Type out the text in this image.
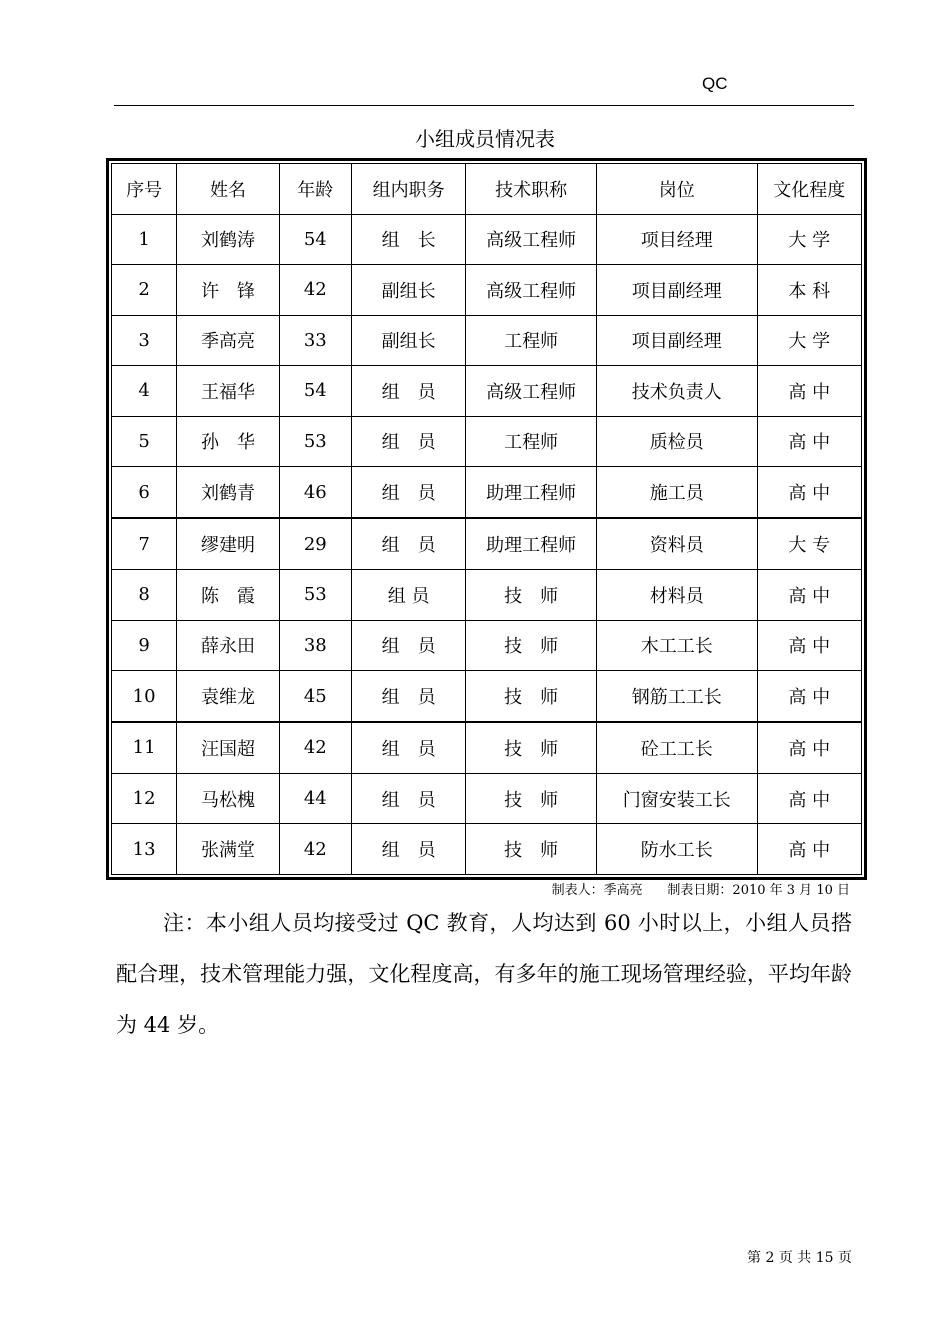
QC
小组成员情况表
序号	姓名	年龄	组内职务	技术职称	岗位	文化程度
1	刘鹤涛	54	组　长	高级工程师	项目经理	大 学
2	许　锋	42	副组长	高级工程师	项目副经理	本 科
3	季高亮	33	副组长	工程师	项目副经理	大 学
4	王福华	54	组　员	高级工程师	技术负责人	高 中
5	孙　华	53	组　员	工程师	质检员	高 中
6	刘鹤青	46	组　员	助理工程师	施工员	高 中
7	缪建明	29	组　员	助理工程师	资料员	大 专
8	陈　霞	53	组 员	技　师	材料员	高 中
9	薛永田	38	组　员	技　师	木工工长	高 中
10	袁维龙	45	组　员	技　师	钢筋工工长	高 中
11	汪国超	42	组　员	技　师	砼工工长	高 中
12	马松槐	44	组　员	技　师	门窗安装工长	高 中
13	张满堂	42	组　员	技　师	防水工长	高 中
制表人：季高亮      制表日期：2010 年 3 月 10 日
注：本小组人员均接受过 QC 教育，人均达到 60 小时以上，小组人员搭配合理，技术管理能力强，文化程度高，有多年的施工现场管理经验，平均年龄为 44 岁。
第 2 页 共 15 页
